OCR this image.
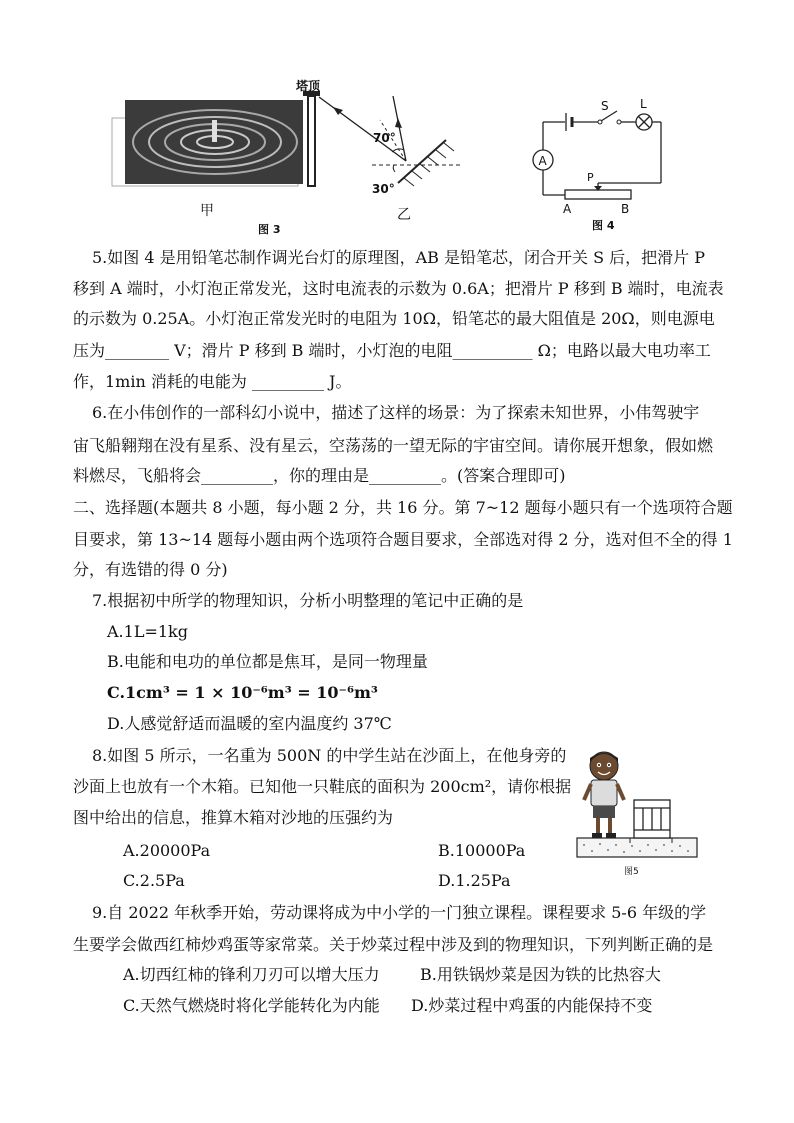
甲
塔顶
70°
30°
乙
图 3
S	L
A
P
A	B
图 4
5.如图 4 是用铅笔芯制作调光台灯的原理图，AB 是铅笔芯，闭合开关 S 后，把滑片 P
移到 A 端时，小灯泡正常发光，这时电流表的示数为 0.6A；把滑片 P 移到 B 端时，电流表
的示数为 0.25A。小灯泡正常发光时的电阻为 10Ω，铅笔芯的最大阻值是 20Ω，则电源电
压为________ V；滑片 P 移到 B 端时，小灯泡的电阻__________ Ω；电路以最大电功率工
作，1min 消耗的电能为 _________ J。
6.在小伟创作的一部科幻小说中，描述了这样的场景：为了探索未知世界，小伟驾驶宇
宙飞船翱翔在没有星系、没有星云，空荡荡的一望无际的宇宙空间。请你展开想象，假如燃
料燃尽，飞船将会_________，你的理由是_________。(答案合理即可)
二、选择题(本题共 8 小题，每小题 2 分，共 16 分。第 7~12 题每小题只有一个选项符合题
目要求，第 13~14 题每小题由两个选项符合题目要求，全部选对得 2 分，选对但不全的得 1
分，有选错的得 0 分)
7.根据初中所学的物理知识，分析小明整理的笔记中正确的是
A.1L=1kg
B.电能和电功的单位都是焦耳，是同一物理量
C.1cm³ = 1 × 10⁻⁶m³ = 10⁻⁶m³
D.人感觉舒适而温暖的室内温度约 37℃
8.如图 5 所示，一名重为 500N 的中学生站在沙面上，在他身旁的
沙面上也放有一个木箱。已知他一只鞋底的面积为 200cm²，请你根据
图中给出的信息，推算木箱对沙地的压强约为
A.20000Pa	B.10000Pa
C.2.5Pa	D.1.25Pa	图5
9.自 2022 年秋季开始，劳动课将成为中小学的一门独立课程。课程要求 5-6 年级的学
生要学会做西红柿炒鸡蛋等家常菜。关于炒菜过程中涉及到的物理知识，下列判断正确的是
A.切西红柿的锋利刀刃可以增大压力	B.用铁锅炒菜是因为铁的比热容大
C.天然气燃烧时将化学能转化为内能 D.炒菜过程中鸡蛋的内能保持不变
